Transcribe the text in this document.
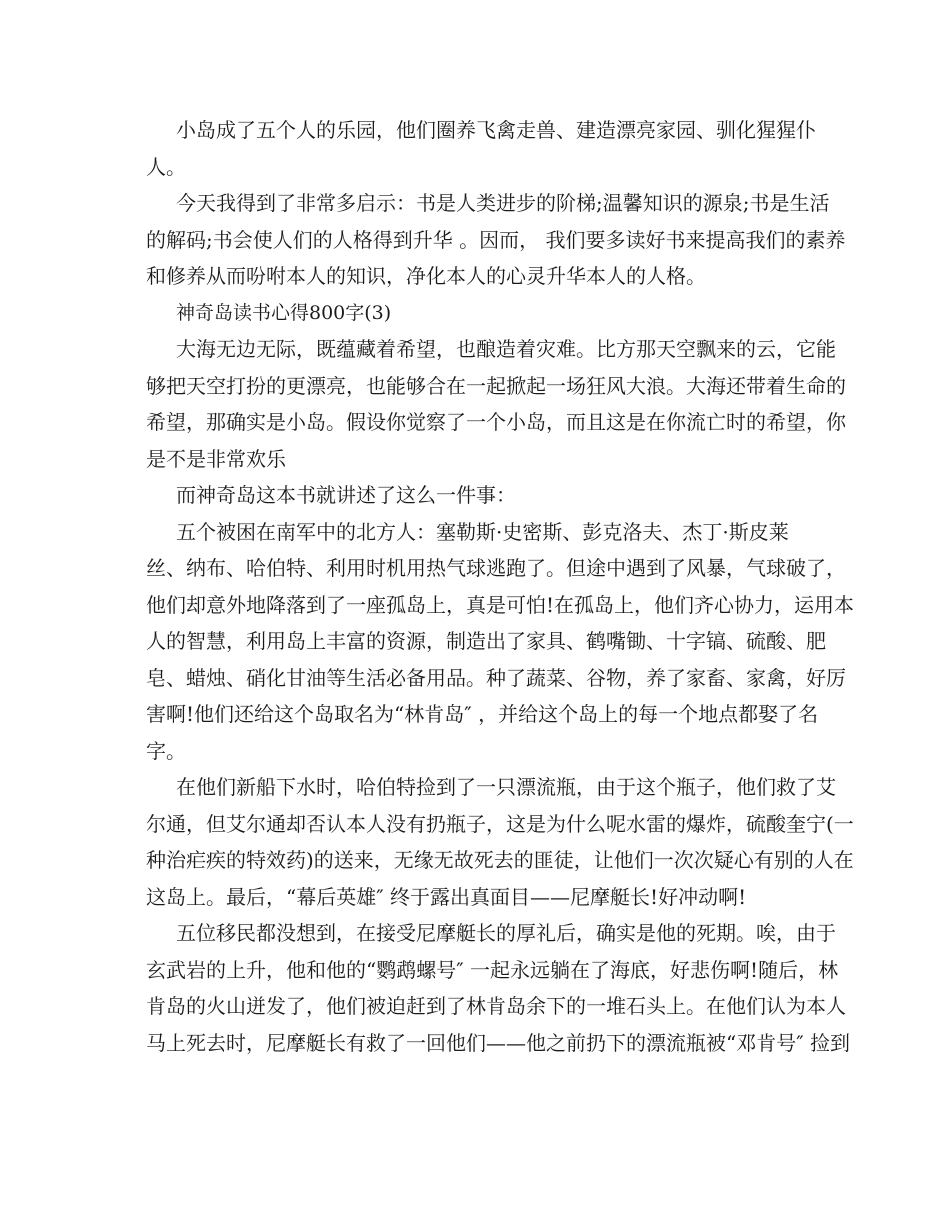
小岛成了五个人的乐园，他们圈养飞禽走兽、建造漂亮家园、驯化猩猩仆
人。
今天我得到了非常多启示：书是人类进步的阶梯;温馨知识的源泉;书是生活
的解码;书会使人们的人格得到升华 。因而， 我们要多读好书来提高我们的素养
和修养从而吩咐本人的知识，净化本人的心灵升华本人的人格。
神奇岛读书心得800字(3)
大海无边无际，既蕴藏着希望，也酿造着灾难。比方那天空飘来的云，它能
够把天空打扮的更漂亮，也能够合在一起掀起一场狂风大浪。大海还带着生命的
希望，那确实是小岛。假设你觉察了一个小岛，而且这是在你流亡时的希望，你
是不是非常欢乐
而神奇岛这本书就讲述了这么一件事：
五个被困在南军中的北方人：塞勒斯·史密斯、彭克洛夫、杰丁·斯皮莱
丝、纳布、哈伯特、利用时机用热气球逃跑了。但途中遇到了风暴，气球破了，
他们却意外地降落到了一座孤岛上，真是可怕!在孤岛上，他们齐心协力，运用本
人的智慧，利用岛上丰富的资源，制造出了家具、鹤嘴锄、十字镐、硫酸、肥
皂、蜡烛、硝化甘油等生活必备用品。种了蔬菜、谷物，养了家畜、家禽，好厉
害啊!他们还给这个岛取名为“林肯岛″ ，并给这个岛上的每一个地点都娶了名
字。
在他们新船下水时，哈伯特捡到了一只漂流瓶，由于这个瓶子，他们救了艾
尔通，但艾尔通却否认本人没有扔瓶子，这是为什么呢水雷的爆炸，硫酸奎宁(一
种治疟疾的特效药)的送来，无缘无故死去的匪徒，让他们一次次疑心有别的人在
这岛上。最后，“幕后英雄″ 终于露出真面目——尼摩艇长!好冲动啊!
五位移民都没想到，在接受尼摩艇长的厚礼后，确实是他的死期。唉，由于
玄武岩的上升，他和他的“鹦鹉螺号″ 一起永远躺在了海底，好悲伤啊!随后，林
肯岛的火山迸发了，他们被迫赶到了林肯岛余下的一堆石头上。在他们认为本人
马上死去时，尼摩艇长有救了一回他们——他之前扔下的漂流瓶被“邓肯号″ 捡到
